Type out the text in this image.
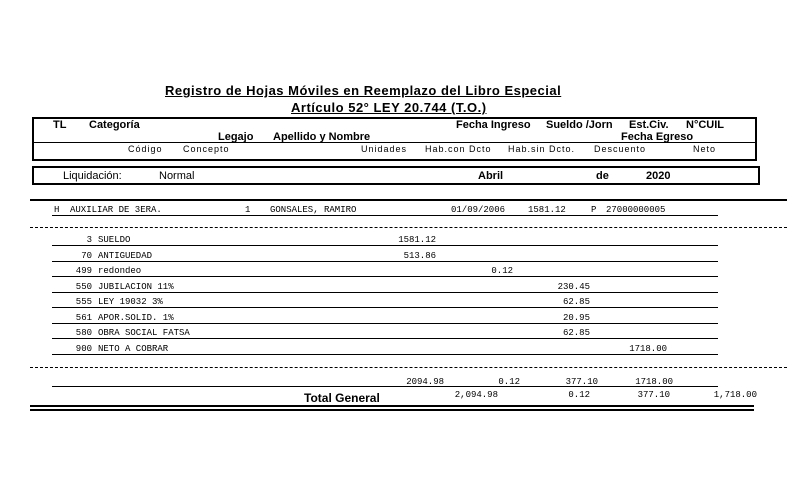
Registro de Hojas Móviles en Reemplazo del Libro Especial
Artículo 52° LEY 20.744 (T.O.)
TL Categoría	Fecha Ingreso Sueldo /Jorn Est.Civ. N°CUIL
Legajo Apellido y Nombre	Fecha Egreso
Código Concepto	Unidades Hab.con Dcto Hab.sin Dcto. Descuento	Neto
Liquidación:	Normal	Abril	de	2020
H AUXILIAR DE 3ERA.	1 GONSALES, RAMIRO	01/09/2006	1581.12	P 27000000005
3 SUELDO	1581.12
70 ANTIGUEDAD	513.86
499 redondeo	0.12
550 JUBILACION 11%	230.45
555 LEY 19032 3%	62.85
561 APOR.SOLID. 1%	20.95
580 OBRA SOCIAL FATSA	62.85
900 NETO A COBRAR	1718.00
2094.98	0.12	377.10	1718.00
Total General	2,094.98	0.12	377.10	1,718.00
